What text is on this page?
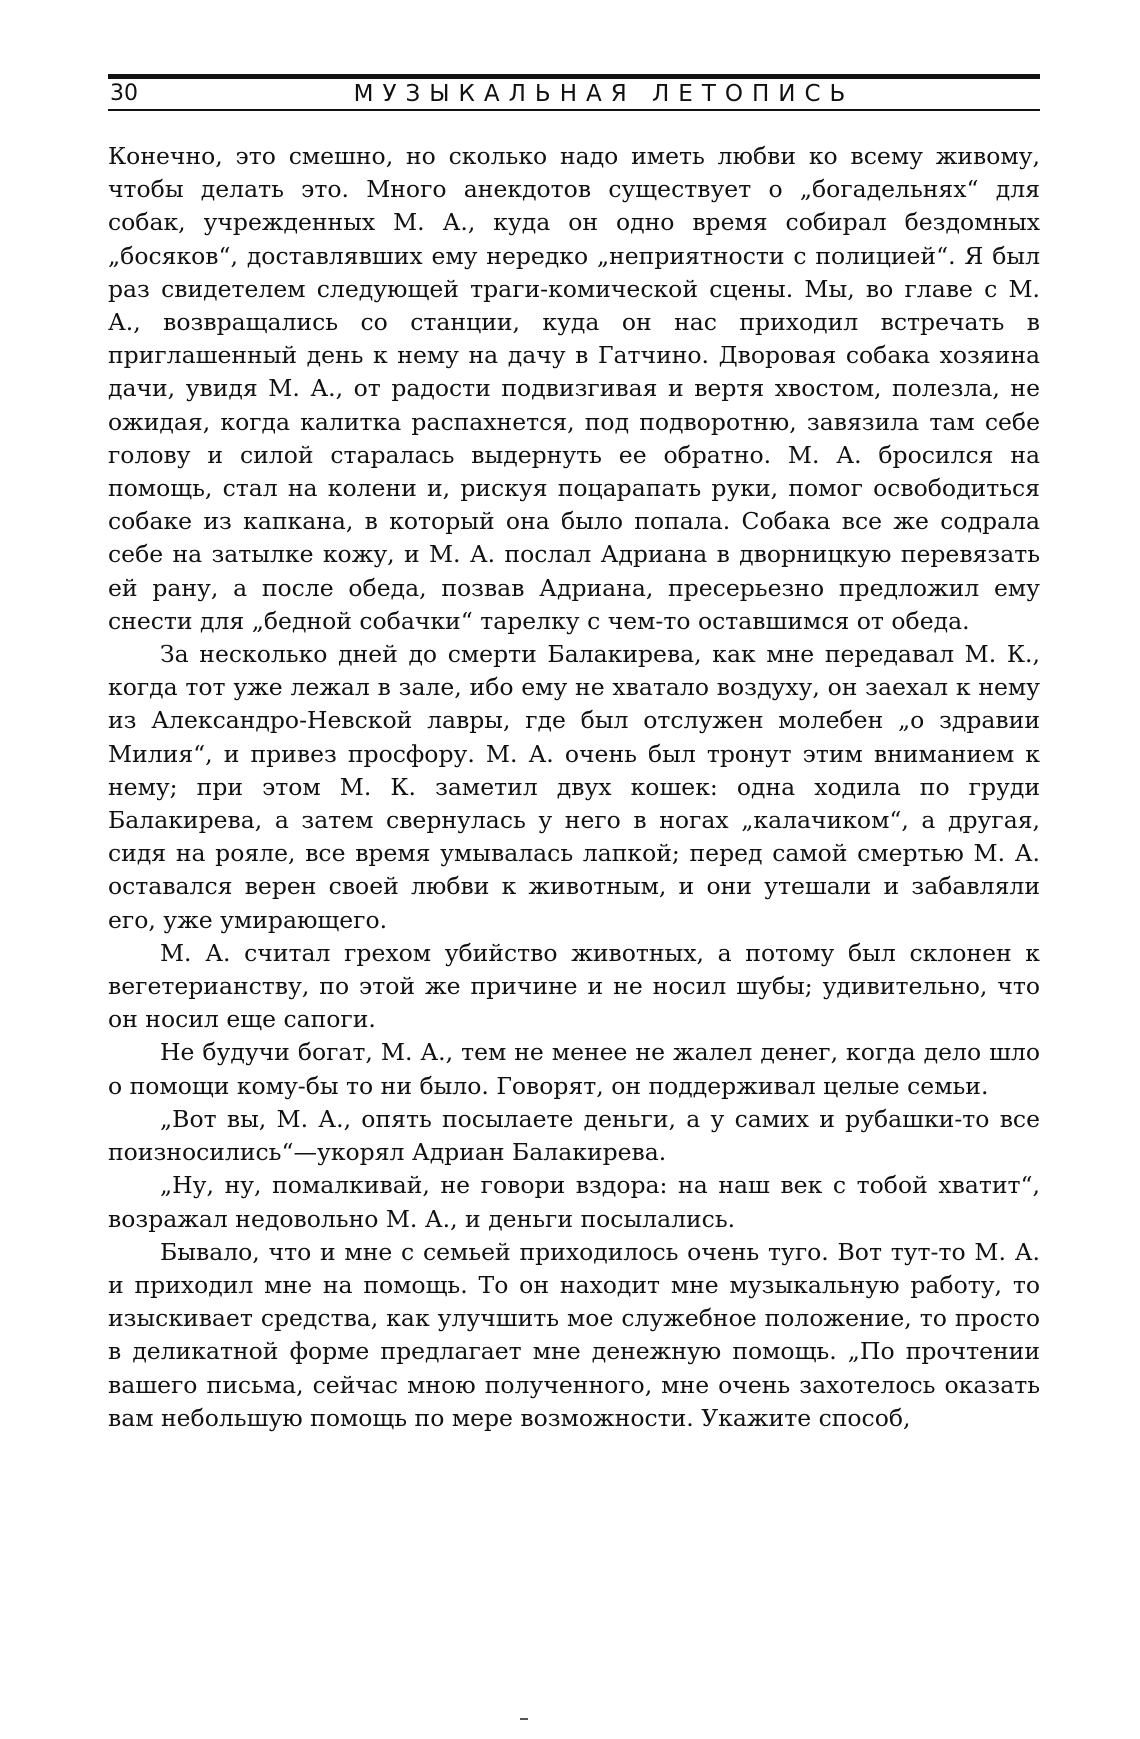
30	МУЗЫКАЛЬНАЯ ЛЕТОПИСЬ

Конечно, это смешно, но сколько надо иметь любви ко всему живому, чтобы делать это. Много анекдотов существует о „богадельнях“ для собак, учрежденных М. А., куда он одно время собирал бездомных „босяков“, доставлявших ему нередко „неприятности с полицией“. Я был раз свидетелем следующей траги-комической сцены. Мы, во главе с М. А., возвращались со станции, куда он нас приходил встречать в приглашенный день к нему на дачу в Гатчино. Дворовая собака хозяина дачи, увидя М. А., от радости подвизгивая и вертя хвостом, полезла, не ожидая, когда калитка распахнется, под подворотню, завязила там себе голову и силой старалась выдернуть ее обратно. М. А. бросился на помощь, стал на колени и, рискуя поцарапать руки, помог освободиться собаке из капкана, в который она было попала. Собака все же содрала себе на затылке кожу, и М. А. послал Адриана в дворницкую перевязать ей рану, а после обеда, позвав Адриана, пресерьезно предложил ему снести для „бедной собачки“ тарелку с чем-то оставшимся от обеда.

За несколько дней до смерти Балакирева, как мне передавал М. К., когда тот уже лежал в зале, ибо ему не хватало воздуху, он заехал к нему из Александро-Невской лавры, где был отслужен молебен „о здравии Милия“, и привез просфору. М. А. очень был тронут этим вниманием к нему; при этом М. К. заметил двух кошек: одна ходила по груди Балакирева, а затем свернулась у него в ногах „калачиком“, а другая, сидя на рояле, все время умывалась лапкой; перед самой смертью М. А. оставался верен своей любви к животным, и они утешали и забавляли его, уже умирающего.

М. А. считал грехом убийство животных, а потому был склонен к вегетерианству, по этой же причине и не носил шубы; удивительно, что он носил еще сапоги.

Не будучи богат, М. А., тем не менее не жалел денег, когда дело шло о помощи кому-бы то ни было. Говорят, он поддерживал целые семьи.

„Вот вы, М. А., опять посылаете деньги, а у самих и рубашки-то все поизносились“—укорял Адриан Балакирева.

„Ну, ну, помалкивай, не говори вздора: на наш век с тобой хватит“, возражал недовольно М. А., и деньги посылались.

Бывало, что и мне с семьей приходилось очень туго. Вот тут-то М. А. и приходил мне на помощь. То он находит мне музыкальную работу, то изыскивает средства, как улучшить мое служебное положение, то просто в деликатной форме предлагает мне денежную помощь. „По прочтении вашего письма, сейчас мною полученного, мне очень захотелось оказать вам небольшую помощь по мере возможности. Укажите способ,
